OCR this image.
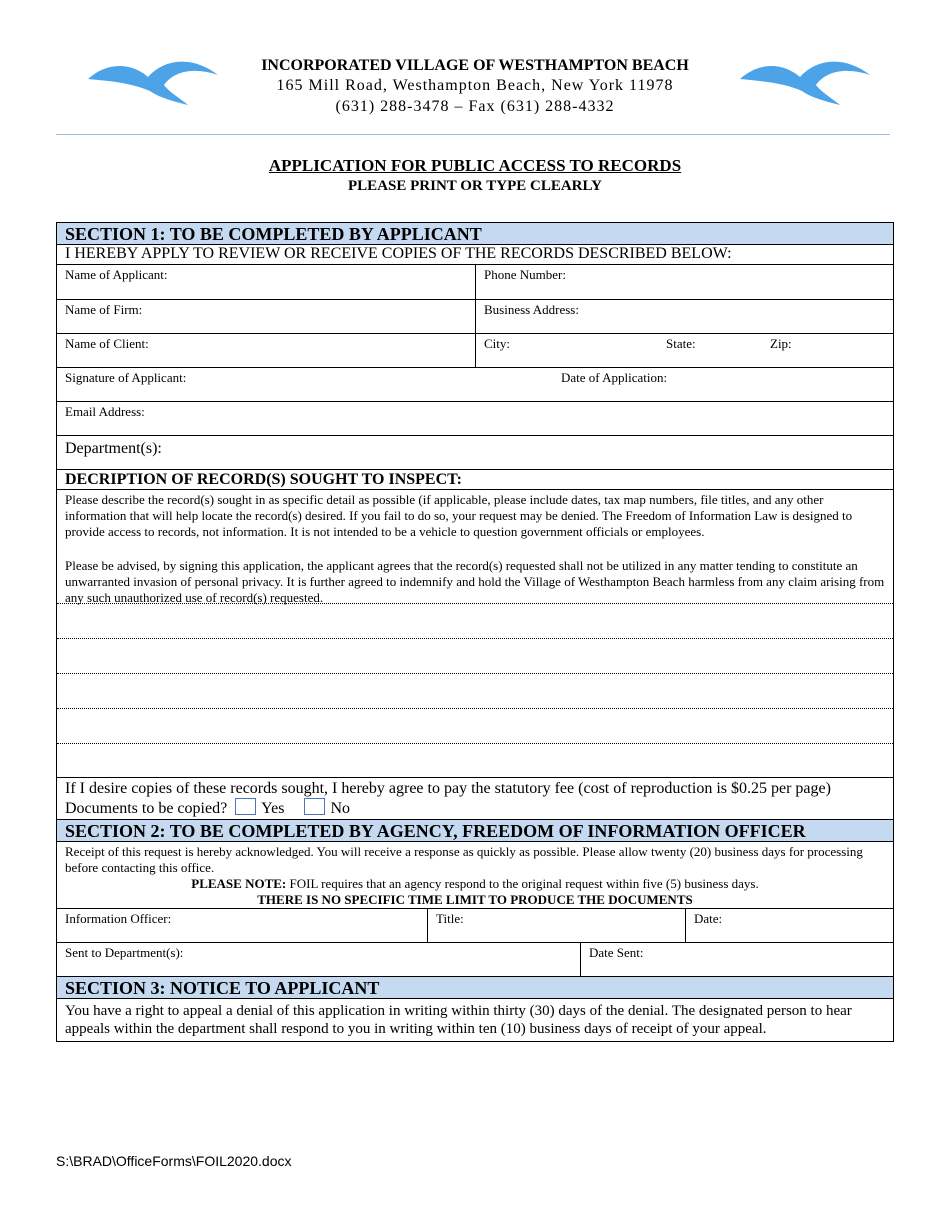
INCORPORATED VILLAGE OF WESTHAMPTON BEACH
165 Mill Road, Westhampton Beach, New York 11978
(631) 288-3478 – Fax (631) 288-4332
APPLICATION FOR PUBLIC ACCESS TO RECORDS
PLEASE PRINT OR TYPE CLEARLY
SECTION 1: TO BE COMPLETED BY APPLICANT
I HEREBY APPLY TO REVIEW OR RECEIVE COPIES OF THE RECORDS DESCRIBED BELOW:
Name of Applicant:	Phone Number:
Name of Firm:	Business Address:
Name of Client:	City:	State:	Zip:
Signature of Applicant:	Date of Application:
Email Address:
Department(s):
DECRIPTION OF RECORD(S) SOUGHT TO INSPECT:
Please describe the record(s) sought in as specific detail as possible (if applicable, please include dates, tax map numbers, file titles, and any other information that will help locate the record(s) desired. If you fail to do so, your request may be denied. The Freedom of Information Law is designed to provide access to records, not information. It is not intended to be a vehicle to question government officials or employees.
Please be advised, by signing this application, the applicant agrees that the record(s) requested shall not be utilized in any matter tending to constitute an unwarranted invasion of personal privacy. It is further agreed to indemnify and hold the Village of Westhampton Beach harmless from any claim arising from any such unauthorized use of record(s) requested.
If I desire copies of these records sought, I hereby agree to pay the statutory fee (cost of reproduction is $0.25 per page)
Documents to be copied? Yes	No
SECTION 2: TO BE COMPLETED BY AGENCY, FREEDOM OF INFORMATION OFFICER
Receipt of this request is hereby acknowledged. You will receive a response as quickly as possible. Please allow twenty (20) business days for processing before contacting this office.
PLEASE NOTE: FOIL requires that an agency respond to the original request within five (5) business days.
THERE IS NO SPECIFIC TIME LIMIT TO PRODUCE THE DOCUMENTS
Information Officer:	Title:	Date:
Sent to Department(s):	Date Sent:
SECTION 3: NOTICE TO APPLICANT
You have a right to appeal a denial of this application in writing within thirty (30) days of the denial. The designated person to hear appeals within the department shall respond to you in writing within ten (10) business days of receipt of your appeal.
S:\BRAD\OfficeForms\FOIL2020.docx
